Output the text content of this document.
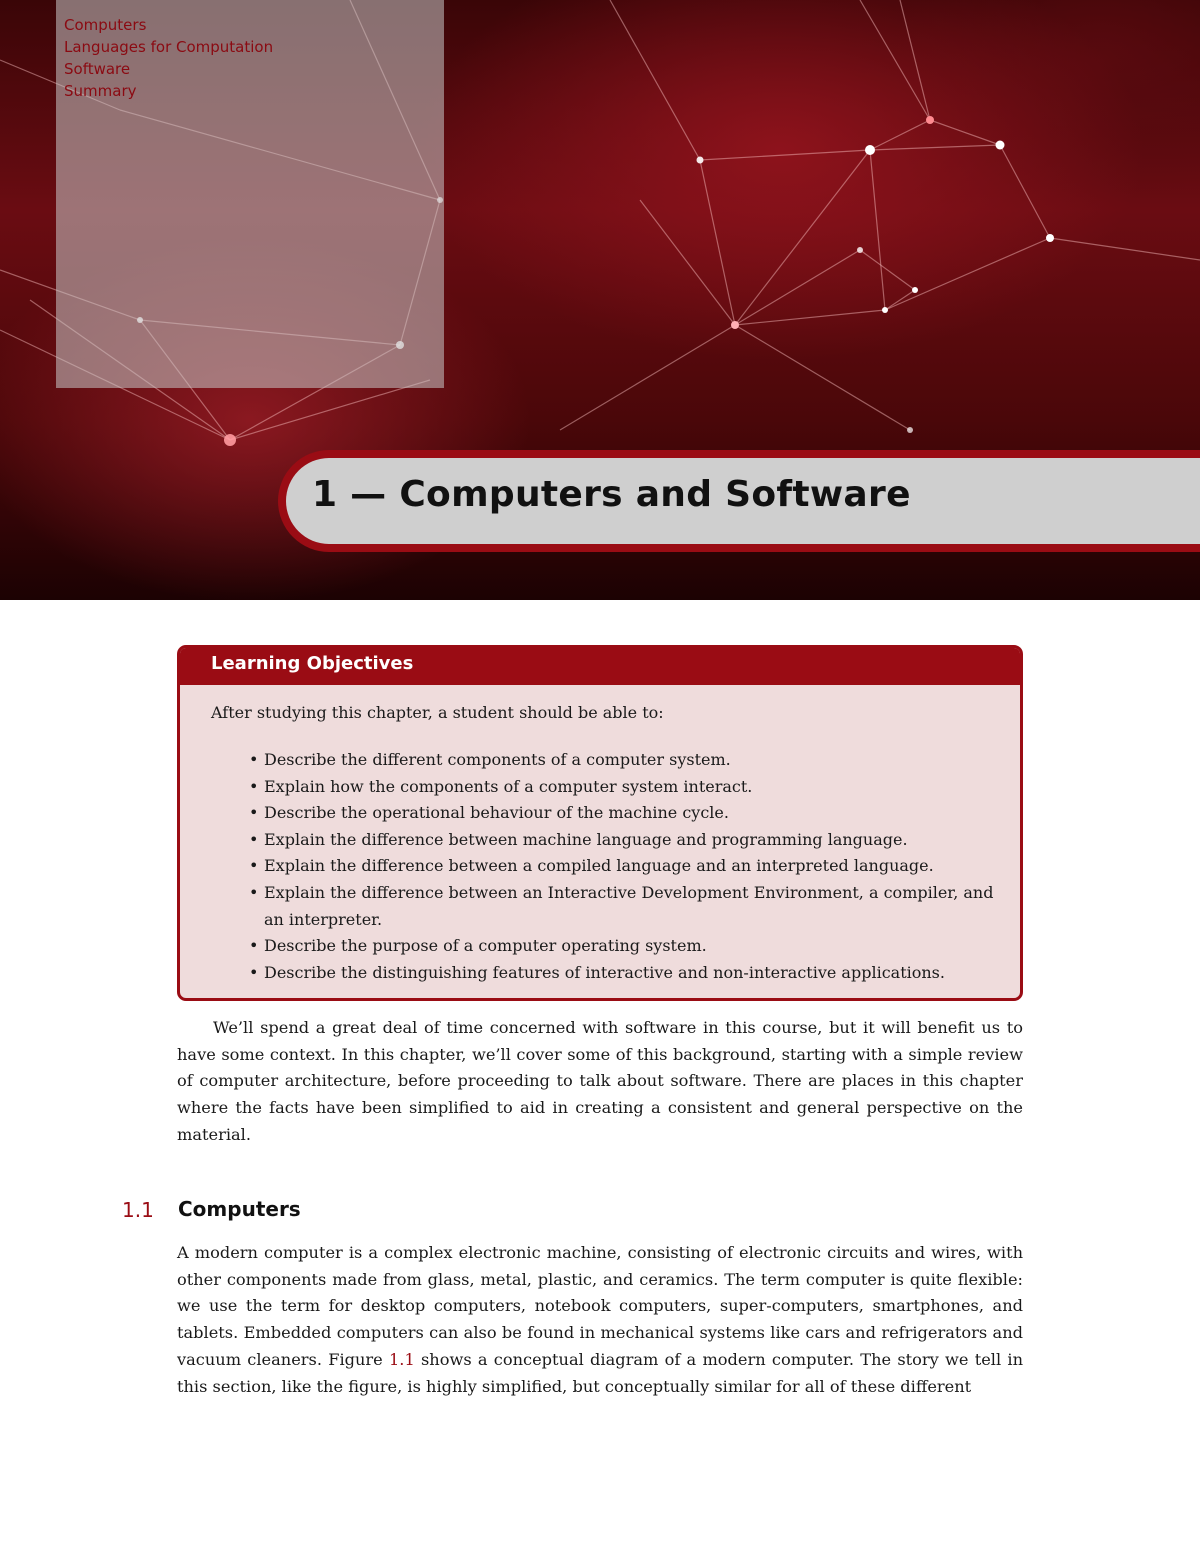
Computers
Languages for Computation
Software
Summary
1 — Computers and Software
Learning Objectives
After studying this chapter, a student should be able to:
• Describe the different components of a computer system.
• Explain how the components of a computer system interact.
• Describe the operational behaviour of the machine cycle.
• Explain the difference between machine language and programming language.
• Explain the difference between a compiled language and an interpreted language.
• Explain the difference between an Interactive Development Environment, a compiler, and an interpreter.
• Describe the purpose of a computer operating system.
• Describe the distinguishing features of interactive and non-interactive applications.

We’ll spend a great deal of time concerned with software in this course, but it will benefit us to have some context. In this chapter, we’ll cover some of this background, starting with a simple review of computer architecture, before proceeding to talk about software. There are places in this chapter where the facts have been simplified to aid in creating a consistent and general perspective on the material.

1.1 Computers

A modern computer is a complex electronic machine, consisting of electronic circuits and wires, with other components made from glass, metal, plastic, and ceramics. The term computer is quite flexible: we use the term for desktop computers, notebook computers, super-computers, smartphones, and tablets. Embedded computers can also be found in mechanical systems like cars and refrigerators and vacuum cleaners. Figure 1.1 shows a conceptual diagram of a modern computer. The story we tell in this section, like the figure, is highly simplified, but conceptually similar for all of these different
